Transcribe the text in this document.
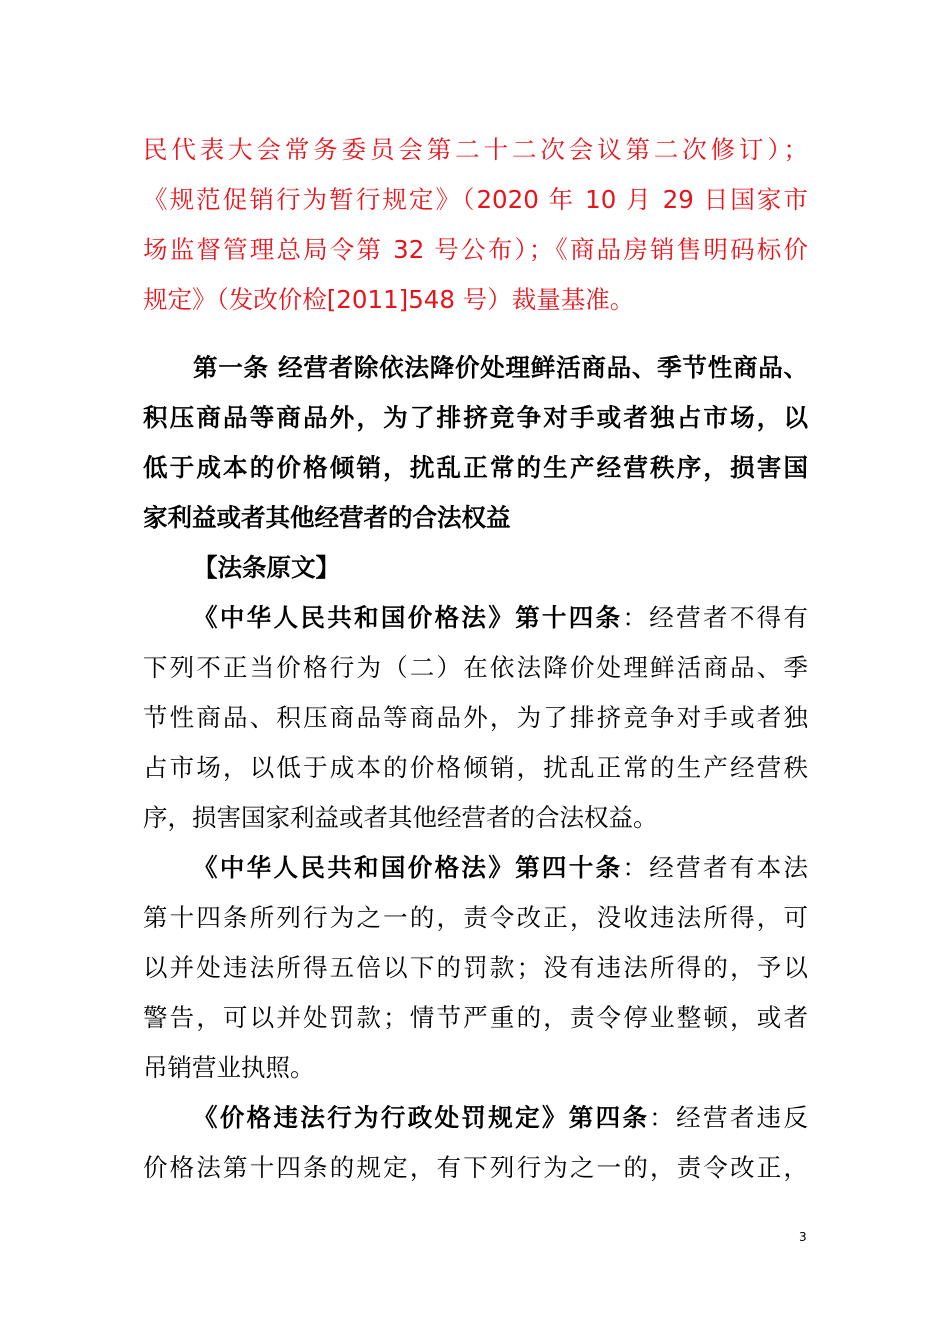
民代表大会常务委员会第二十二次会议第二次修订）；
《规范促销行为暂行规定》（2020 年 10 月 29 日国家市
场监督管理总局令第 32 号公布）；《商品房销售明码标价
规定》（发改价检[2011]548 号）裁量基准。
第一条 经营者除依法降价处理鲜活商品、季节性商品、
积压商品等商品外，为了排挤竞争对手或者独占市场，以
低于成本的价格倾销，扰乱正常的生产经营秩序，损害国
家利益或者其他经营者的合法权益
【法条原文】
《中华人民共和国价格法》第十四条：经营者不得有
下列不正当价格行为（二）在依法降价处理鲜活商品、季
节性商品、积压商品等商品外，为了排挤竞争对手或者独
占市场，以低于成本的价格倾销，扰乱正常的生产经营秩
序，损害国家利益或者其他经营者的合法权益。
《中华人民共和国价格法》第四十条：经营者有本法
第十四条所列行为之一的，责令改正，没收违法所得，可
以并处违法所得五倍以下的罚款；没有违法所得的，予以
警告，可以并处罚款；情节严重的，责令停业整顿，或者
吊销营业执照。
《价格违法行为行政处罚规定》第四条：经营者违反
价格法第十四条的规定，有下列行为之一的，责令改正，
3
